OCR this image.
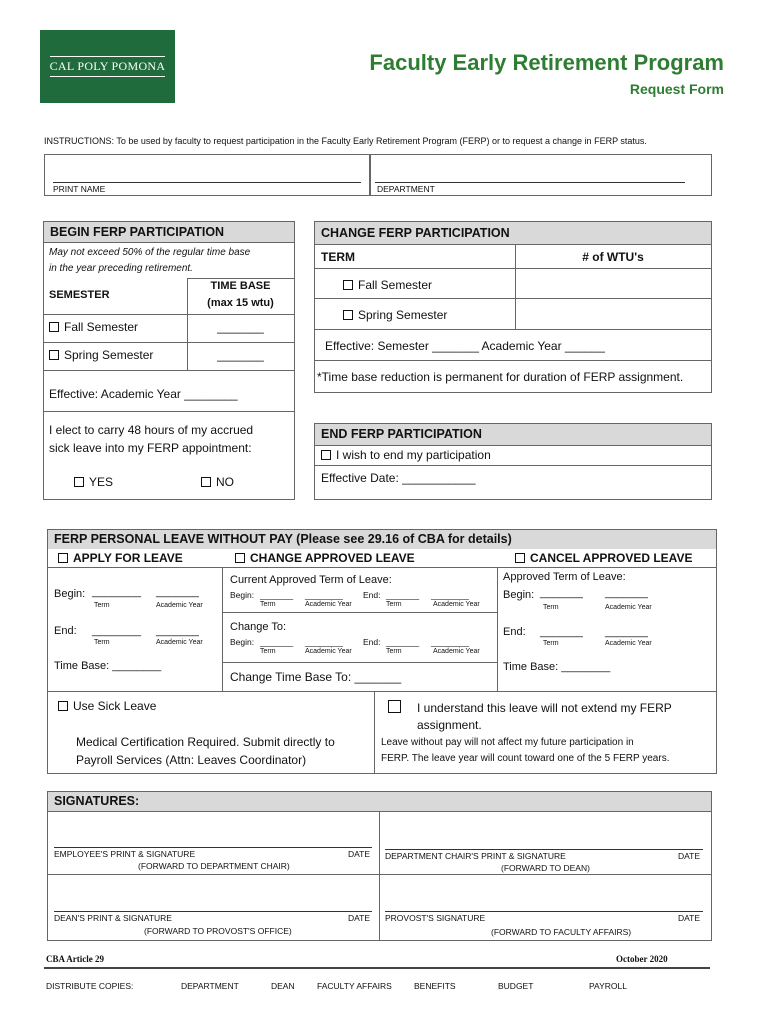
CAL POLY POMONA	Faculty Early Retirement Program
Request Form
INSTRUCTIONS: To be used by faculty to request participation in the Faculty Early Retirement Program (FERP) or to request a change in FERP status.
PRINT NAME	DEPARTMENT
BEGIN FERP PARTICIPATION
May not exceed 50% of the regular time base
in the year preceding retirement.
SEMESTER
TIME BASE
(max 15 wtu)
Fall Semester	_______
Spring Semester	_______
Effective: Academic Year ________
I elect to carry 48 hours of my accrued
sick leave into my FERP appointment:
YES	NO
CHANGE FERP PARTICIPATION
TERM	# of WTU's
Fall Semester
Spring Semester
Effective: Semester _______ Academic Year ______
*Time base reduction is permanent for duration of FERP assignment.
END FERP PARTICIPATION
I wish to end my participation
Effective Date: ___________
FERP PERSONAL LEAVE WITHOUT PAY (Please see 29.16 of CBA for details)
APPLY FOR LEAVE	CHANGE APPROVED LEAVE	CANCEL APPROVED LEAVE
Begin: ________ _______
Term	Academic Year
End: ________ _______
Term	Academic Year
Time Base: ________
Current Approved Term of Leave:
Begin: _______ ________ End: _______ ________
Term	Academic Year	Term	Academic Year
Change To:
Begin: _______ ________ End: _______ ________
Term	Academic Year	Term	Academic Year
Change Time Base To: _______
Approved Term of Leave:
Begin: _______ _______
Term	Academic Year
End: _______ _______
Term	Academic Year
Time Base: ________
Use Sick Leave
Medical Certification Required. Submit directly to
Payroll Services (Attn: Leaves Coordinator)
I understand this leave will not extend my FERP
assignment.
Leave without pay will not affect my future participation in
FERP. The leave year will count toward one of the 5 FERP years.
SIGNATURES:
EMPLOYEE'S PRINT & SIGNATURE	DATE
(FORWARD TO DEPARTMENT CHAIR)
DEPARTMENT CHAIR'S PRINT & SIGNATURE	DATE
(FORWARD TO DEAN)
DEAN'S PRINT & SIGNATURE	DATE
(FORWARD TO PROVOST'S OFFICE)
PROVOST'S SIGNATURE	DATE
(FORWARD TO FACULTY AFFAIRS)
CBA Article 29	October 2020
DISTRIBUTE COPIES:	DEPARTMENT	DEAN	FACULTY AFFAIRS	BENEFITS	BUDGET	PAYROLL
